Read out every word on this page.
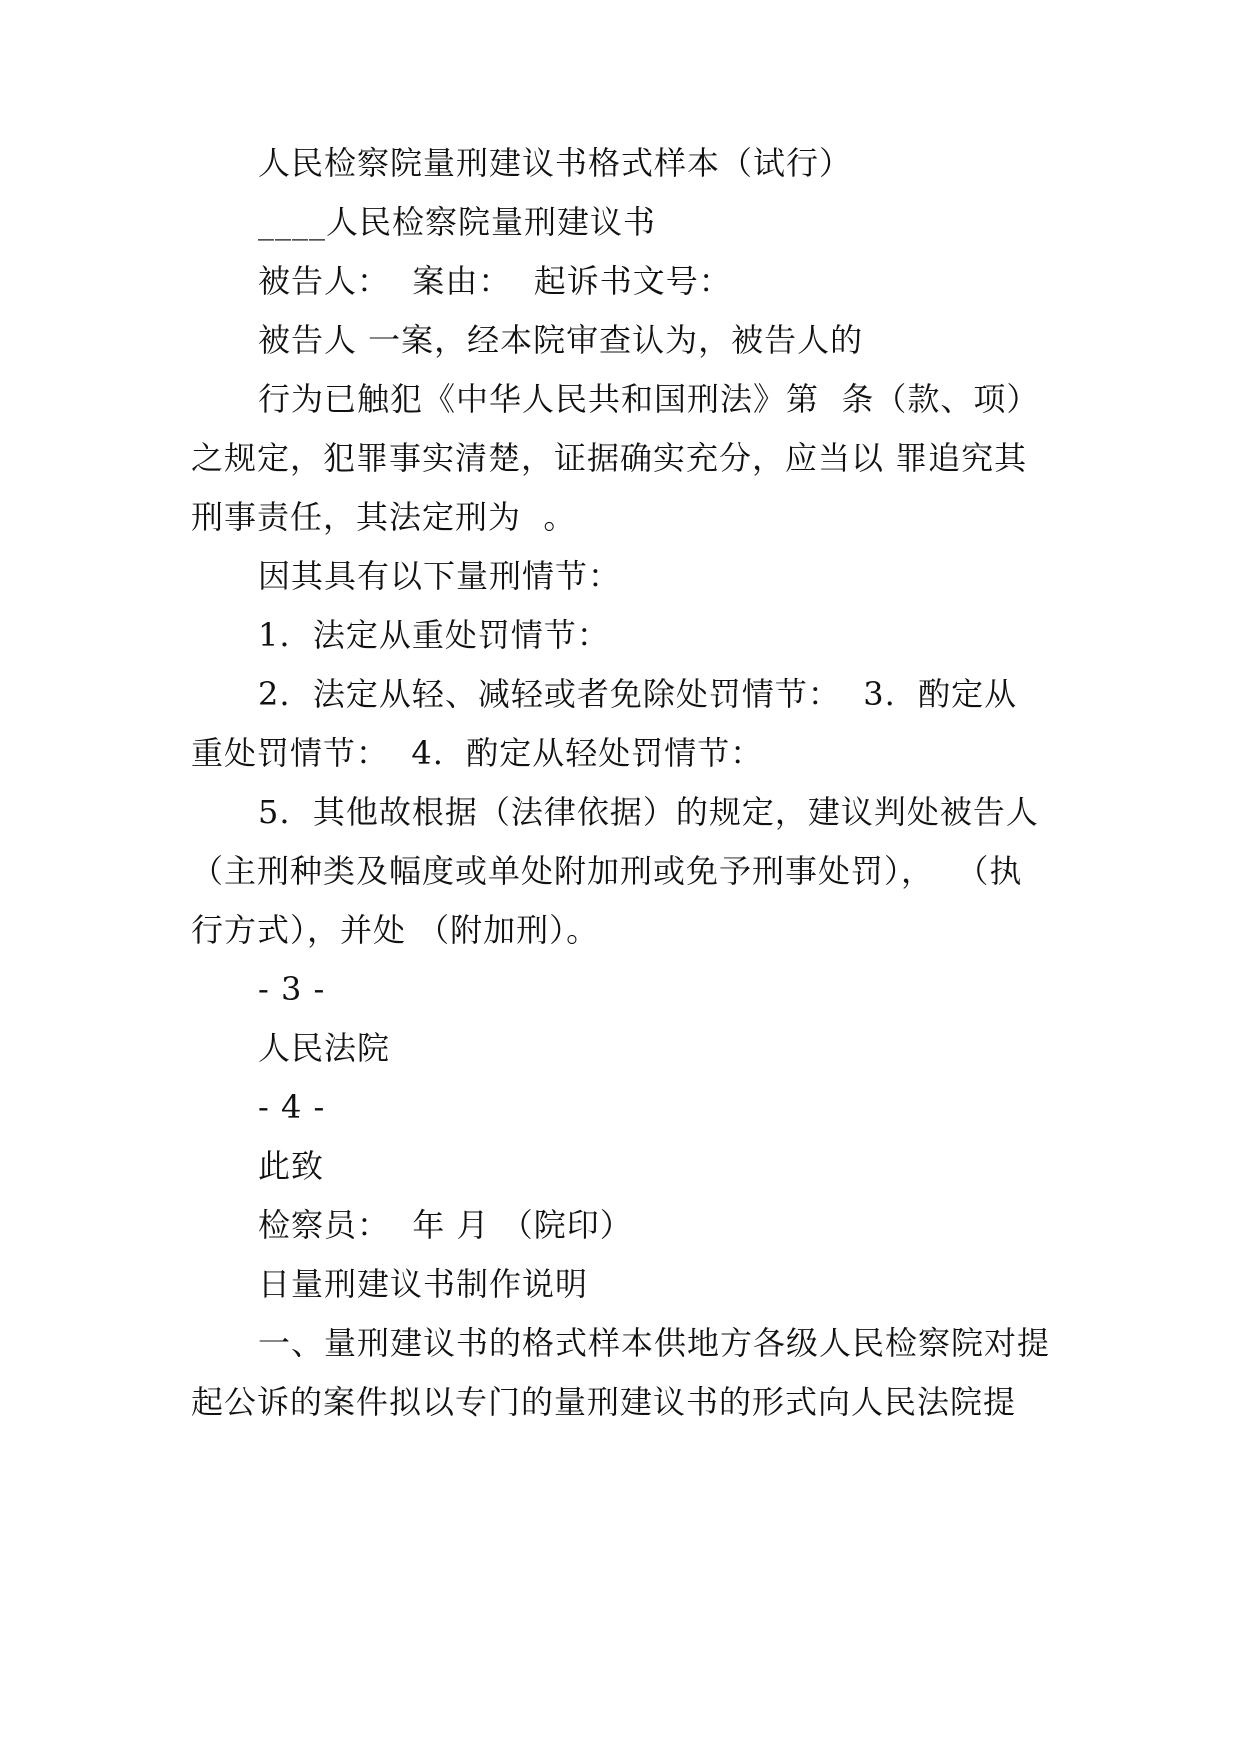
人民检察院量刑建议书格式样本（试行）
____人民检察院量刑建议书
被告人：  案由：  起诉书文号：
被告人 一案，经本院审查认为，被告人的
行为已触犯《中华人民共和国刑法》第  条（款、项）
之规定，犯罪事实清楚，证据确实充分，应当以 罪追究其
刑事责任，其法定刑为  。
因其具有以下量刑情节：
1.  法定从重处罚情节：
2.  法定从轻、减轻或者免除处罚情节：  3.  酌定从
重处罚情节：  4.  酌定从轻处罚情节：
5.  其他故根据（法律依据）的规定，建议判处被告人
（主刑种类及幅度或单处附加刑或免予刑事处罚），  （执
行方式），并处 （附加刑）。
- 3 -
人民法院
- 4 -
此致
检察员：  年 月 （院印）
日量刑建议书制作说明
一、量刑建议书的格式样本供地方各级人民检察院对提
起公诉的案件拟以专门的量刑建议书的形式向人民法院提
